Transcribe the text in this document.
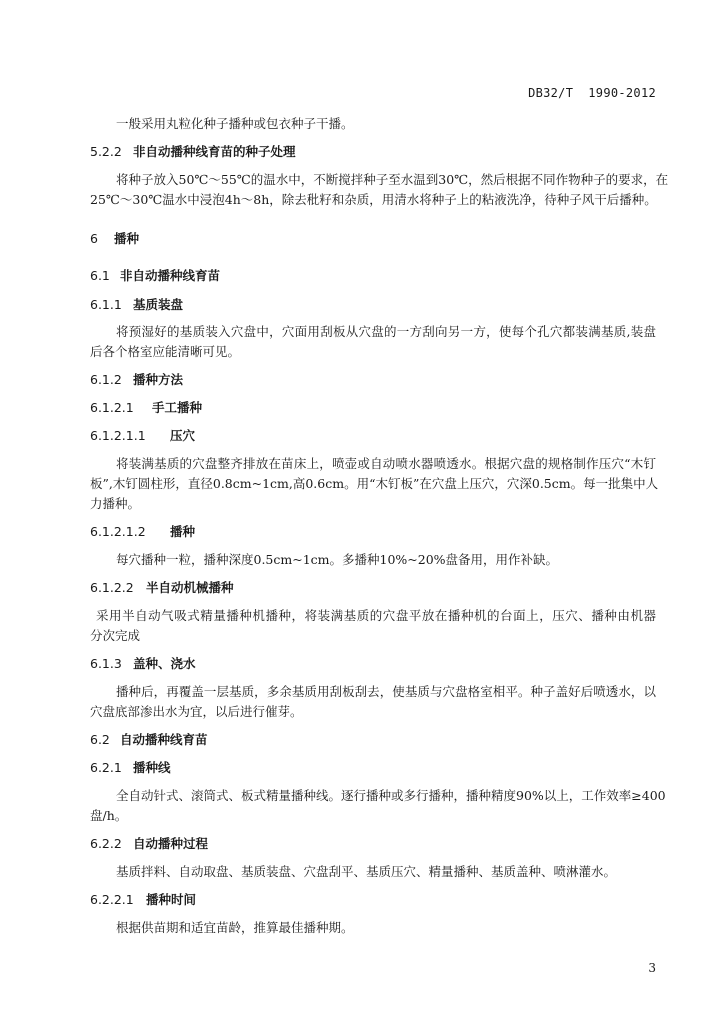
DB32/T  1990-2012
一般采用丸粒化种子播种或包衣种子干播。
5.2.2 非自动播种线育苗的种子处理
将种子放入50℃～55℃的温水中，不断搅拌种子至水温到30℃，然后根据不同作物种子的要求，在
25℃～30℃温水中浸泡4h～8h，除去秕籽和杂质，用清水将种子上的粘液洗净，待种子风干后播种。
6 播种
6.1 非自动播种线育苗
6.1.1 基质装盘
将预湿好的基质装入穴盘中，穴面用刮板从穴盘的一方刮向另一方，使每个孔穴都装满基质,装盘
后各个格室应能清晰可见。
6.1.2 播种方法
6.1.2.1 手工播种
6.1.2.1.1 压穴
将装满基质的穴盘整齐排放在苗床上，喷壶或自动喷水器喷透水。根据穴盘的规格制作压穴“木钉
板”,木钉圆柱形，直径0.8cm~1cm,高0.6cm。用“木钉板”在穴盘上压穴，穴深0.5cm。每一批集中人
力播种。
6.1.2.1.2 播种
每穴播种一粒，播种深度0.5cm~1cm。多播种10%~20%盘备用，用作补缺。
6.1.2.2 半自动机械播种
采用半自动气吸式精量播种机播种，将装满基质的穴盘平放在播种机的台面上，压穴、播种由机器
分次完成
6.1.3 盖种、浇水
播种后，再覆盖一层基质，多余基质用刮板刮去，使基质与穴盘格室相平。种子盖好后喷透水，以
穴盘底部渗出水为宜，以后进行催芽。
6.2 自动播种线育苗
6.2.1 播种线
全自动针式、滚筒式、板式精量播种线。逐行播种或多行播种，播种精度90%以上，工作效率≥400
盘/h。
6.2.2 自动播种过程
基质拌料、自动取盘、基质装盘、穴盘刮平、基质压穴、精量播种、基质盖种、喷淋灌水。
6.2.2.1 播种时间
根据供苗期和适宜苗龄，推算最佳播种期。
3
